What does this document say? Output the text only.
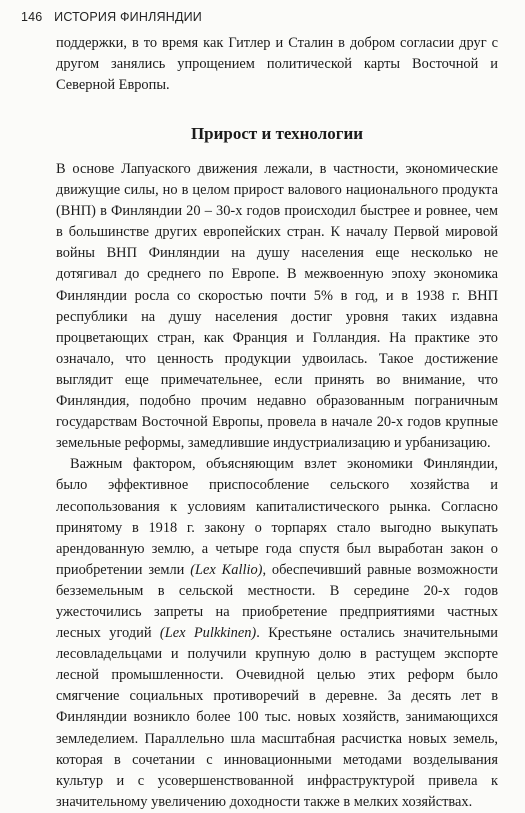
146 ИСТОРИЯ ФИНЛЯНДИИ
поддержки, в то время как Гитлер и Сталин в добром согласии друг с другом занялись упрощением политической карты Восточной и Северной Европы.
Прирост и технологии

В основе Лапуаского движения лежали, в частности, экономические движущие силы, но в целом прирост валового национального продукта (ВНП) в Финляндии 20 – 30-х годов происходил быстрее и ровнее, чем в большинстве других европейских стран. К началу Первой мировой войны ВНП Финляндии на душу населения еще несколько не дотягивал до среднего по Европе. В межвоенную эпоху экономика Финляндии росла со скоростью почти 5% в год, и в 1938 г. ВНП республики на душу населения достиг уровня таких издавна процветающих стран, как Франция и Голландия. На практике это означало, что ценность продукции удвоилась. Такое достижение выглядит еще примечательнее, если принять во внимание, что Финляндия, подобно прочим недавно образованным пограничным государствам Восточной Европы, провела в начале 20-х годов крупные земельные реформы, замедлившие индустриализацию и урбанизацию.

Важным фактором, объясняющим взлет экономики Финляндии, было эффективное приспособление сельского хозяйства и лесопользования к условиям капиталистического рынка. Согласно принятому в 1918 г. закону о торпарях стало выгодно выкупать арендованную землю, а четыре года спустя был выработан закон о приобретении земли (Lex Kallio), обеспечивший равные возможности безземельным в сельской местности. В середине 20-х годов ужесточились запреты на приобретение предприятиями частных лесных угодий (Lex Pulkkinen). Крестьяне остались значительными лесовладельцами и получили крупную долю в растущем экспорте лесной промышленности. Очевидной целью этих реформ было смягчение социальных противоречий в деревне. За десять лет в Финляндии возникло более 100 тыс. новых хозяйств, занимающихся земледелием. Параллельно шла масштабная расчистка новых земель, которая в сочетании с инновационными методами возделывания культур и с усовершенствованной инфраструктурой привела к значительному увеличению доходности также в мелких хозяйствах.
